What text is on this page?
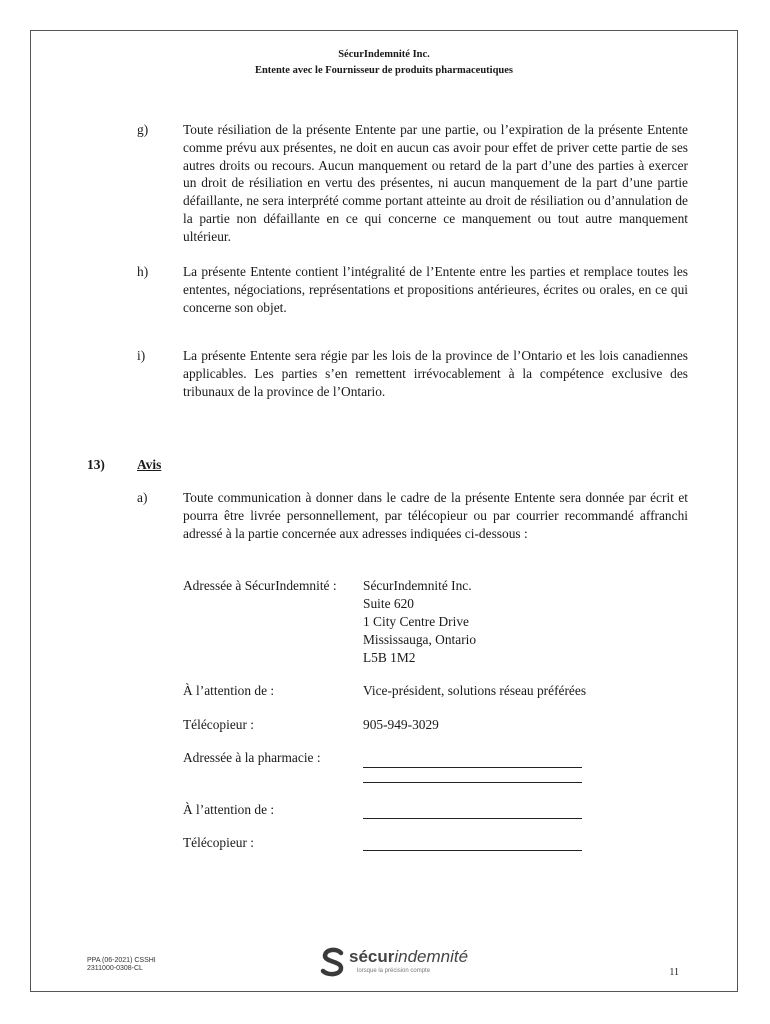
SécurIndemnité Inc.
Entente avec le Fournisseur de produits pharmaceutiques
g)	Toute résiliation de la présente Entente par une partie, ou l’expiration de la présente Entente comme prévu aux présentes, ne doit en aucun cas avoir pour effet de priver cette partie de ses autres droits ou recours. Aucun manquement ou retard de la part d’une des parties à exercer un droit de résiliation en vertu des présentes, ni aucun manquement de la part d’une partie défaillante, ne sera interprété comme portant atteinte au droit de résiliation ou d’annulation de la partie non défaillante en ce qui concerne ce manquement ou tout autre manquement ultérieur.
h)	La présente Entente contient l’intégralité de l’Entente entre les parties et remplace toutes les ententes, négociations, représentations et propositions antérieures, écrites ou orales, en ce qui concerne son objet.
i)	La présente Entente sera régie par les lois de la province de l’Ontario et les lois canadiennes applicables. Les parties s’en remettent irrévocablement à la compétence exclusive des tribunaux de la province de l’Ontario.
13) Avis
a)	Toute communication à donner dans le cadre de la présente Entente sera donnée par écrit et pourra être livrée personnellement, par télécopieur ou par courrier recommandé affranchi adressé à la partie concernée aux adresses indiquées ci-dessous :
Adressée à SécurIndemnité : SécurIndemnité Inc.
Suite 620
1 City Centre Drive
Mississauga, Ontario
L5B 1M2
À l’attention de :	Vice-président, solutions réseau préférées
Télécopieur :	905-949-3029
Adressée à la pharmacie :
À l’attention de :
Télécopieur :
PPA (06-2021) CSSHI
2311000-0308-CL
sécurindemnité
lorsque la précision compte	11
